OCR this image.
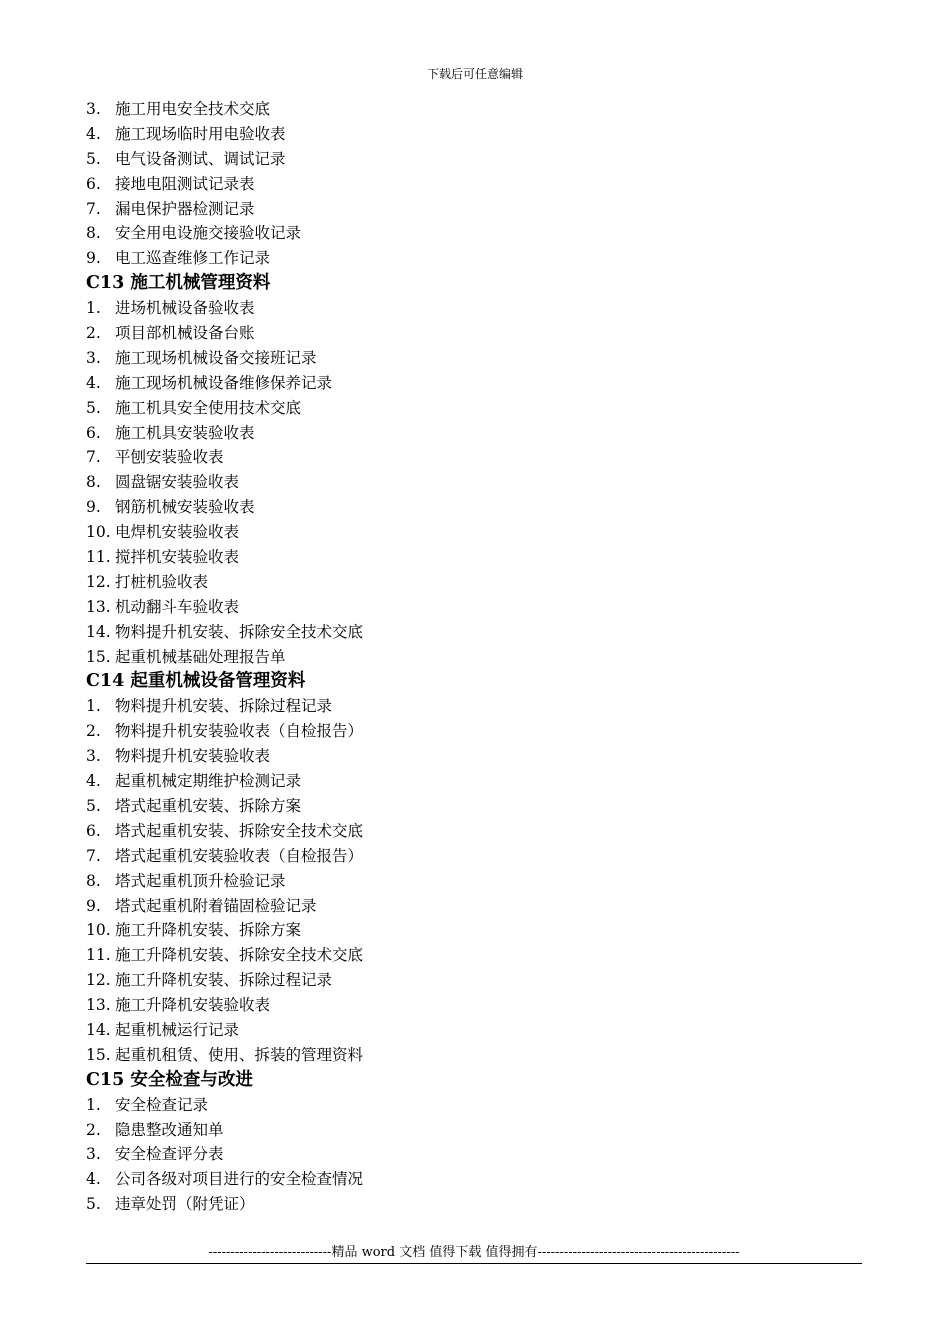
下载后可任意编辑
3. 施工用电安全技术交底
4. 施工现场临时用电验收表
5. 电气设备测试、调试记录
6. 接地电阻测试记录表
7. 漏电保护器检测记录
8. 安全用电设施交接验收记录
9. 电工巡查维修工作记录
C13 施工机械管理资料
1. 进场机械设备验收表
2. 项目部机械设备台账
3. 施工现场机械设备交接班记录
4. 施工现场机械设备维修保养记录
5. 施工机具安全使用技术交底
6. 施工机具安装验收表
7. 平刨安装验收表
8. 圆盘锯安装验收表
9. 钢筋机械安装验收表
10. 电焊机安装验收表
11. 搅拌机安装验收表
12. 打桩机验收表
13. 机动翻斗车验收表
14. 物料提升机安装、拆除安全技术交底
15. 起重机械基础处理报告单
C14 起重机械设备管理资料
1. 物料提升机安装、拆除过程记录
2. 物料提升机安装验收表（自检报告）
3. 物料提升机安装验收表
4. 起重机械定期维护检测记录
5. 塔式起重机安装、拆除方案
6. 塔式起重机安装、拆除安全技术交底
7. 塔式起重机安装验收表（自检报告）
8. 塔式起重机顶升检验记录
9. 塔式起重机附着锚固检验记录
10. 施工升降机安装、拆除方案
11. 施工升降机安装、拆除安全技术交底
12. 施工升降机安装、拆除过程记录
13. 施工升降机安装验收表
14. 起重机械运行记录
15. 起重机租赁、使用、拆装的管理资料
C15 安全检查与改进
1. 安全检查记录
2. 隐患整改通知单
3. 安全检查评分表
4. 公司各级对项目进行的安全检查情况
5. 违章处罚（附凭证）
----------------------------精品 word 文档 值得下载 值得拥有----------------------------------------------
